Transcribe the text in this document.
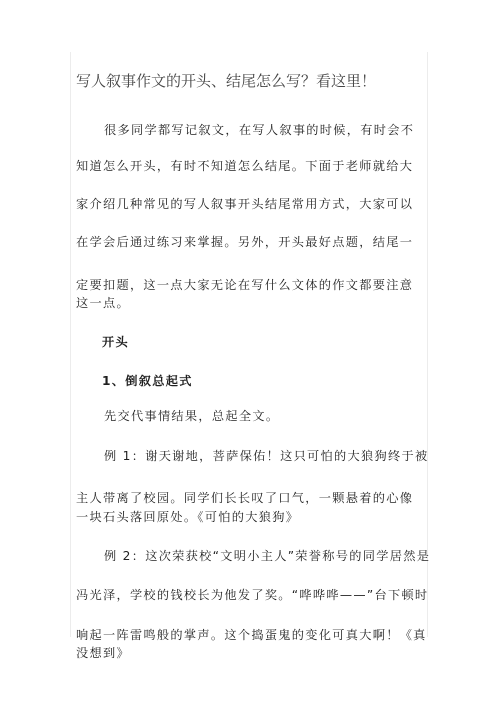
写人叙事作文的开头、结尾怎么写？看这里！
很多同学都写记叙文，在写人叙事的时候，有时会不
知道怎么开头，有时不知道怎么结尾。下面于老师就给大
家介绍几种常见的写人叙事开头结尾常用方式，大家可以
在学会后通过练习来掌握。另外，开头最好点题，结尾一
定要扣题，这一点大家无论在写什么文体的作文都要注意
这一点。
开头
1、倒叙总起式
先交代事情结果，总起全文。
例 1：谢天谢地，菩萨保佑！这只可怕的大狼狗终于被
主人带离了校园。同学们长长叹了口气，一颗悬着的心像
一块石头落回原处。《可怕的大狼狗》
例 2：这次荣获校“文明小主人”荣誉称号的同学居然是
冯光泽，学校的钱校长为他发了奖。“哗哗哗——”台下顿时
响起一阵雷鸣般的掌声。这个捣蛋鬼的变化可真大啊！《真
没想到》
